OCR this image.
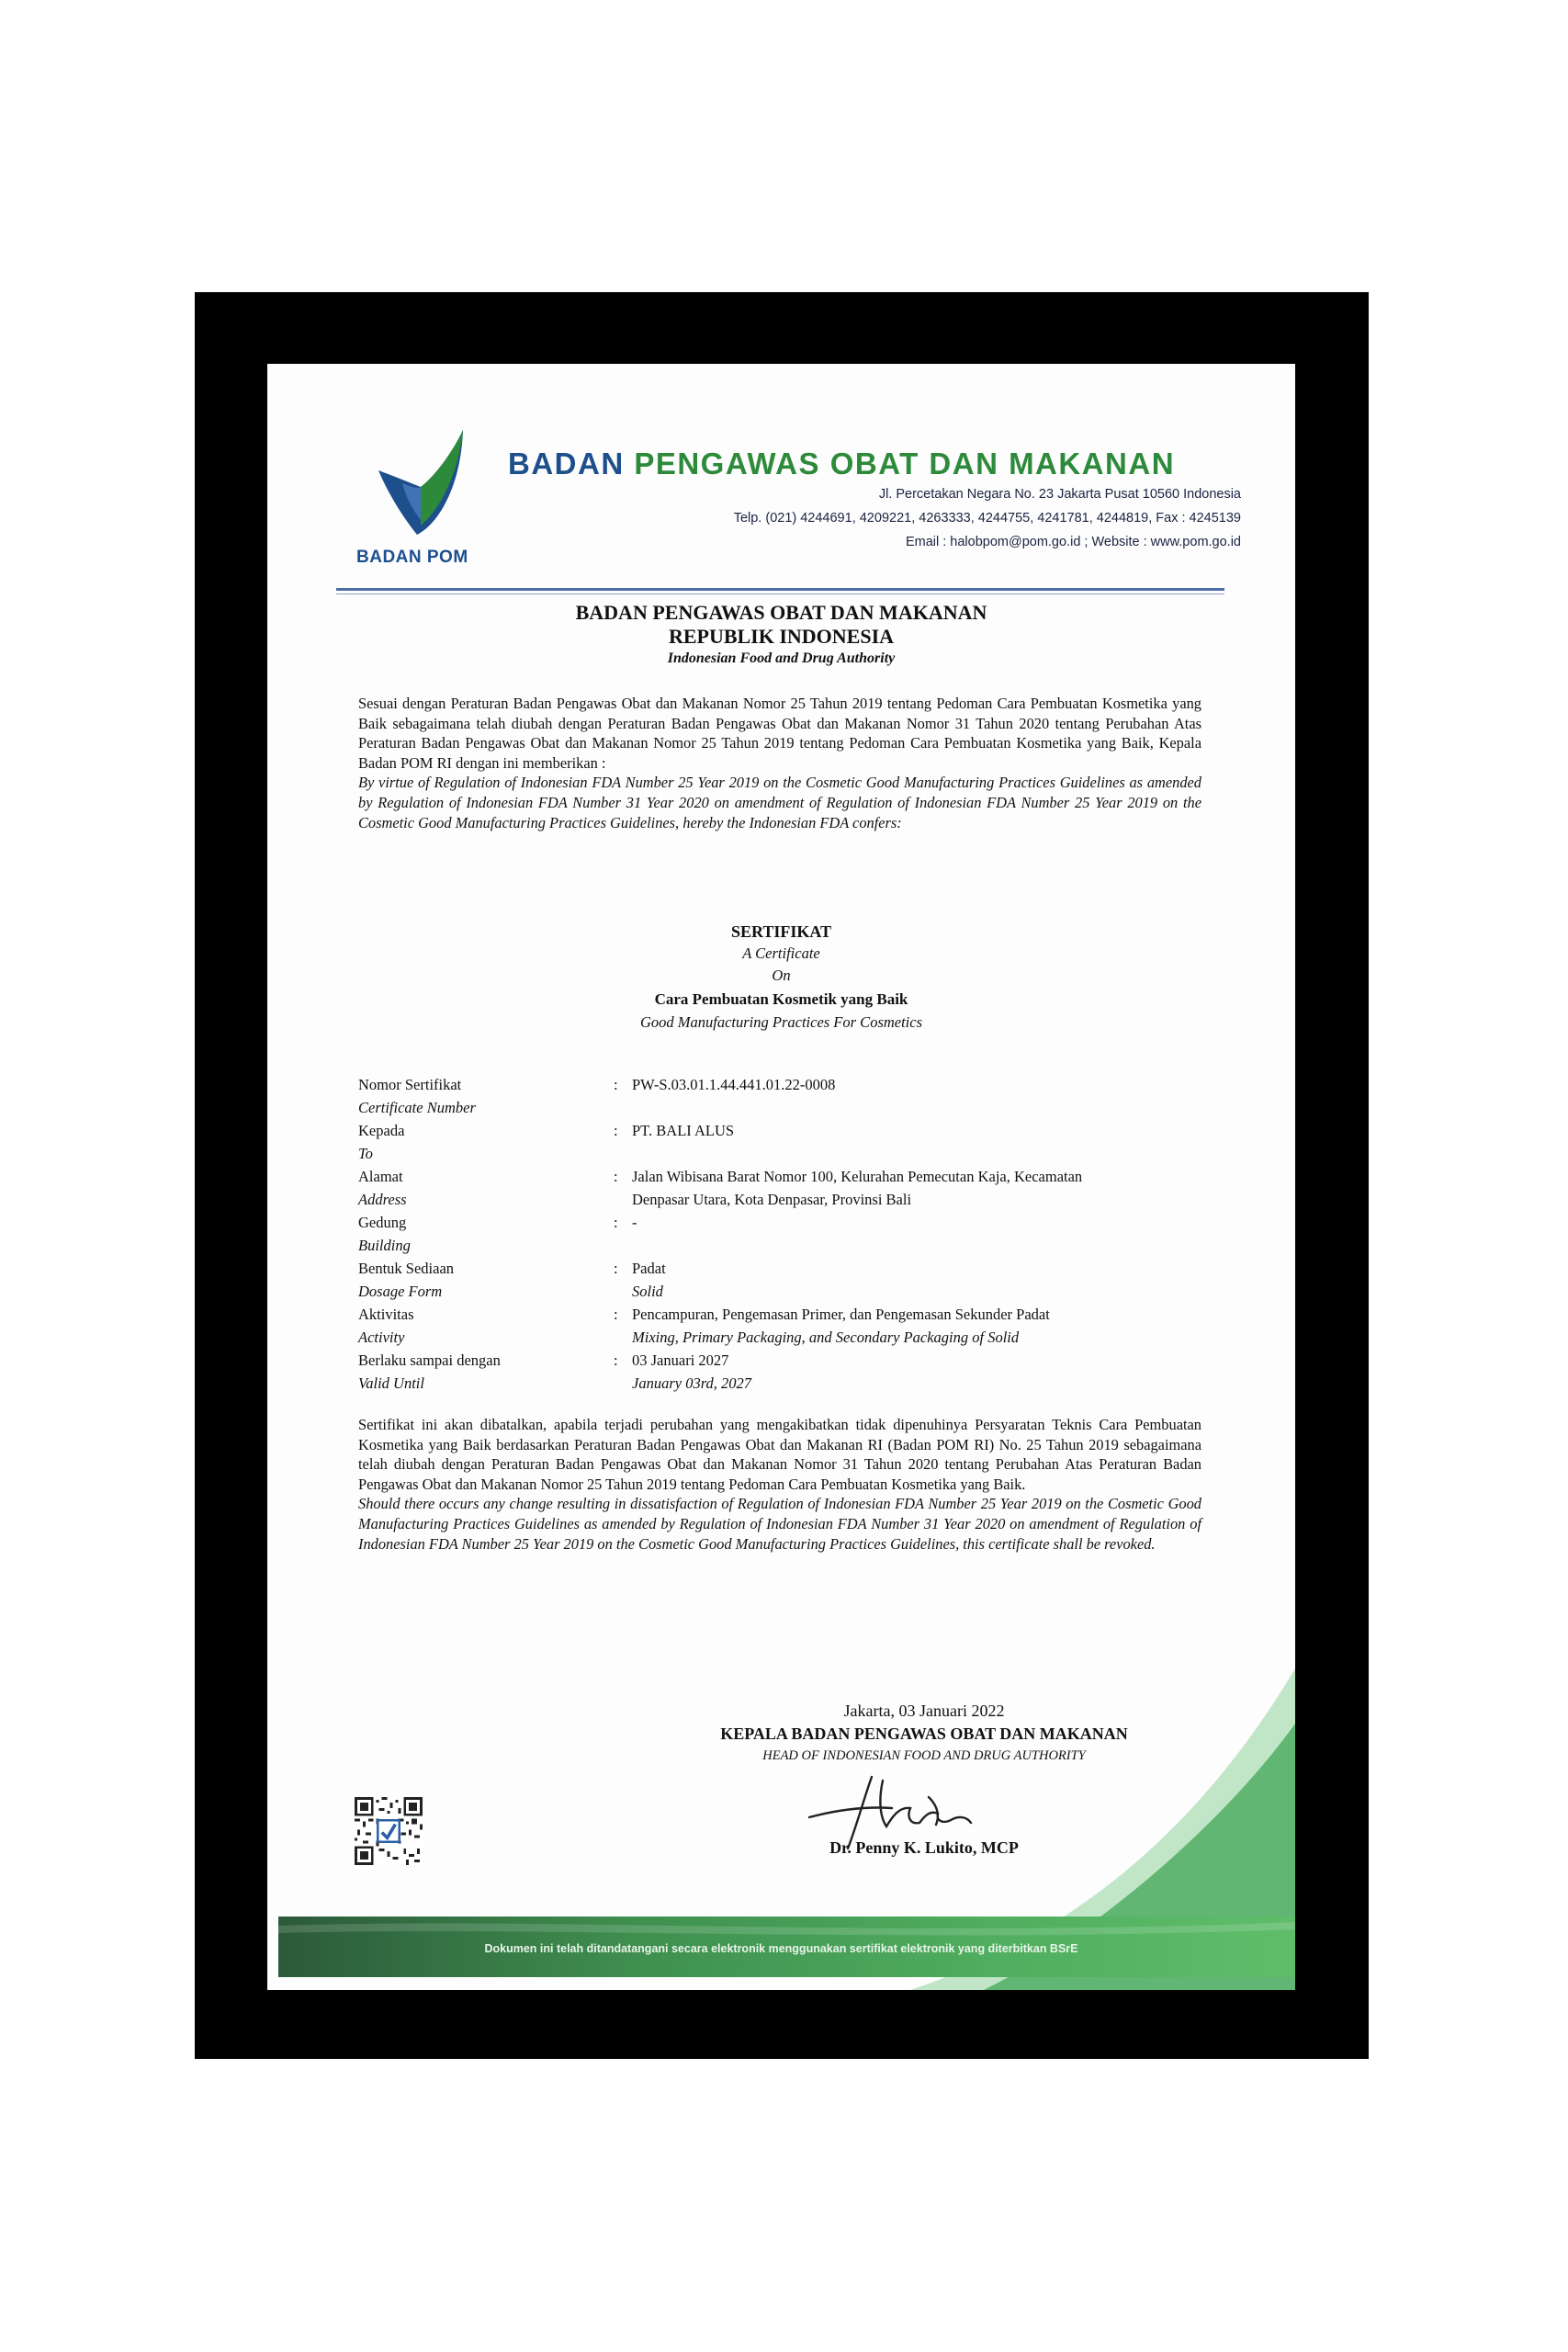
BADAN POM
BADAN PENGAWAS OBAT DAN MAKANAN
Jl. Percetakan Negara No. 23 Jakarta Pusat 10560 Indonesia
Telp. (021) 4244691, 4209221, 4263333, 4244755, 4241781, 4244819, Fax : 4245139
Email : halobpom@pom.go.id ; Website : www.pom.go.id
BADAN PENGAWAS OBAT DAN MAKANAN
REPUBLIK INDONESIA
Indonesian Food and Drug Authority

Sesuai dengan Peraturan Badan Pengawas Obat dan Makanan Nomor 25 Tahun 2019 tentang Pedoman Cara Pembuatan Kosmetika yang Baik sebagaimana telah diubah dengan Peraturan Badan Pengawas Obat dan Makanan Nomor 31 Tahun 2020 tentang Perubahan Atas Peraturan Badan Pengawas Obat dan Makanan Nomor 25 Tahun 2019 tentang Pedoman Cara Pembuatan Kosmetika yang Baik, Kepala Badan POM RI dengan ini memberikan :

By virtue of Regulation of Indonesian FDA Number 25 Year 2019 on the Cosmetic Good Manufacturing Practices Guidelines as amended by Regulation of Indonesian FDA Number 31 Year 2020 on amendment of Regulation of Indonesian FDA Number 25 Year 2019 on the Cosmetic Good Manufacturing Practices Guidelines, hereby the Indonesian FDA confers:

SERTIFIKAT
A Certificate
On
Cara Pembuatan Kosmetik yang Baik
Good Manufacturing Practices For Cosmetics
Nomor Sertifikat
Certificate Number
: PW-S.03.01.1.44.441.01.22-0008
Kepada
To
: PT. BALI ALUS
Alamat
Address
: Jalan Wibisana Barat Nomor 100, Kelurahan Pemecutan Kaja, Kecamatan
Denpasar Utara, Kota Denpasar, Provinsi Bali
Gedung
Building
: -
Bentuk Sediaan
Dosage Form
: Padat
Solid
Aktivitas
Activity
: Pencampuran, Pengemasan Primer, dan Pengemasan Sekunder Padat
Mixing, Primary Packaging, and Secondary Packaging of Solid
Berlaku sampai dengan
Valid Until
: 03 Januari 2027
January 03rd, 2027

Sertifikat ini akan dibatalkan, apabila terjadi perubahan yang mengakibatkan tidak dipenuhinya Persyaratan Teknis Cara Pembuatan Kosmetika yang Baik berdasarkan Peraturan Badan Pengawas Obat dan Makanan RI (Badan POM RI) No. 25 Tahun 2019 sebagaimana telah diubah dengan Peraturan Badan Pengawas Obat dan Makanan Nomor 31 Tahun 2020 tentang Perubahan Atas Peraturan Badan Pengawas Obat dan Makanan Nomor 25 Tahun 2019 tentang Pedoman Cara Pembuatan Kosmetika yang Baik.

Should there occurs any change resulting in dissatisfaction of Regulation of Indonesian FDA Number 25 Year 2019 on the Cosmetic Good Manufacturing Practices Guidelines as amended by Regulation of Indonesian FDA Number 31 Year 2020 on amendment of Regulation of Indonesian FDA Number 25 Year 2019 on the Cosmetic Good Manufacturing Practices Guidelines, this certificate shall be revoked.

Jakarta, 03 Januari 2022
KEPALA BADAN PENGAWAS OBAT DAN MAKANAN
HEAD OF INDONESIAN FOOD AND DRUG AUTHORITY
Dr. Penny K. Lukito, MCP
Dokumen ini telah ditandatangani secara elektronik menggunakan sertifikat elektronik yang diterbitkan BSrE
